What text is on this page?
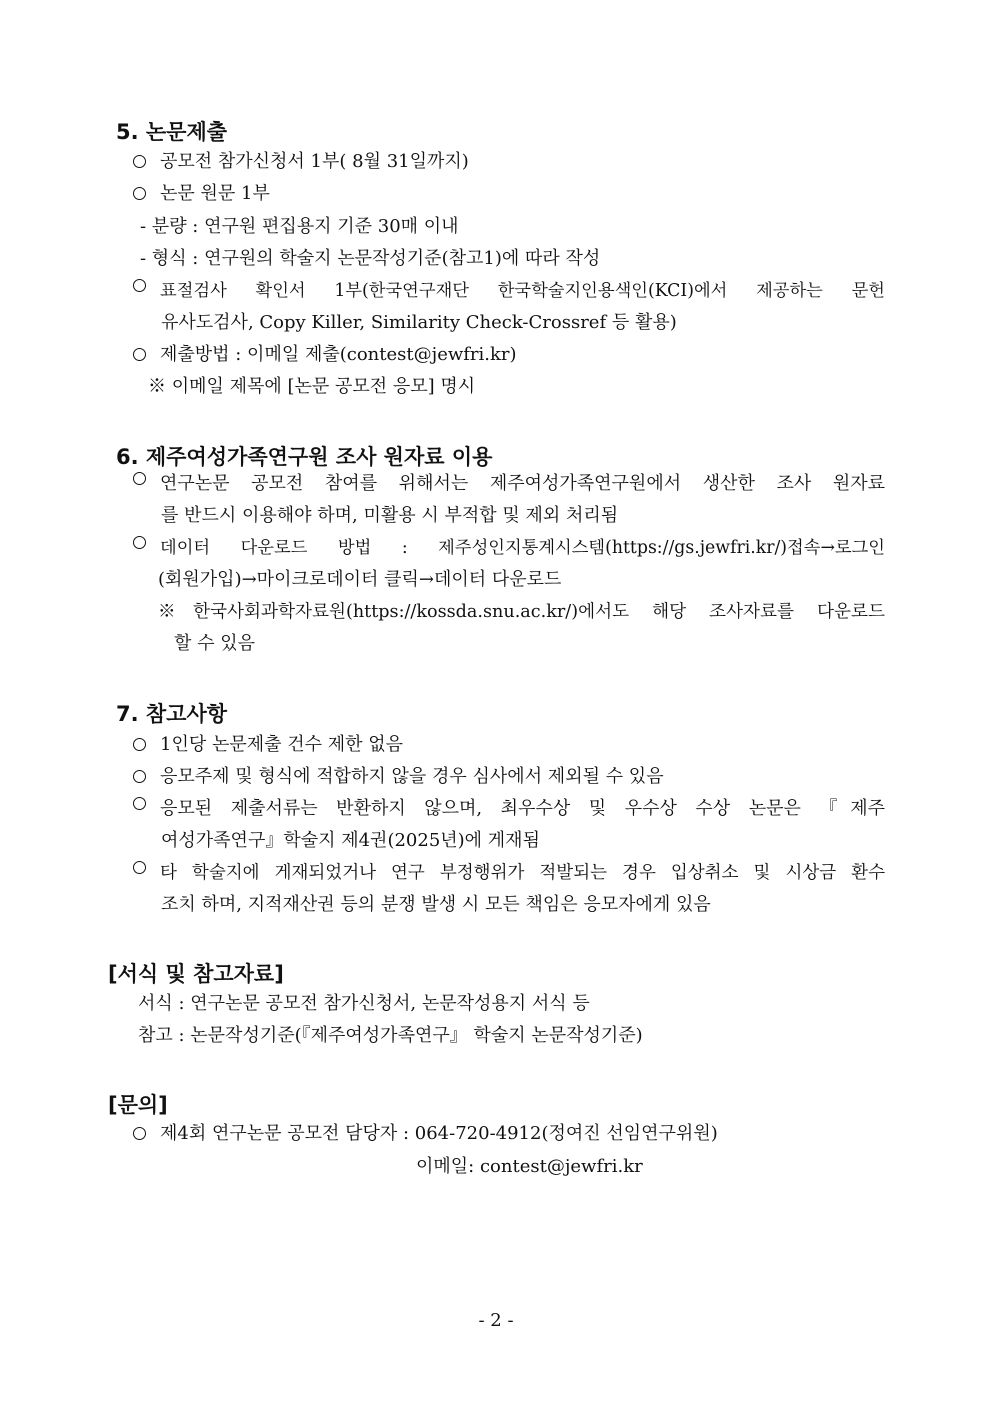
5. 논문제출
공모전 참가신청서 1부( 8월 31일까지)
논문 원문 1부
- 분량 : 연구원 편집용지 기준 30매 이내
- 형식 : 연구원의 학술지 논문작성기준(참고1)에 따라 작성
표절검사 확인서 1부(한국연구재단 한국학술지인용색인(KCI)에서 제공하는 문헌
유사도검사, Copy Killer, Similarity Check-Crossref 등 활용)
제출방법 : 이메일 제출(contest@jewfri.kr)
※ 이메일 제목에 [논문 공모전 응모] 명시
6. 제주여성가족연구원 조사 원자료 이용
연구논문 공모전 참여를 위해서는 제주여성가족연구원에서 생산한 조사 원자료
를 반드시 이용해야 하며, 미활용 시 부적합 및 제외 처리됨
데이터 다운로드 방법 : 제주성인지통계시스템(https://gs.jewfri.kr/)접속→로그인
(회원가입)→마이크로데이터 클릭→데이터 다운로드
※한국사회과학자료원(https://kossda.snu.ac.kr/)에서도 해당 조사자료를 다운로드
할 수 있음
7. 참고사항
1인당 논문제출 건수 제한 없음
응모주제 및 형식에 적합하지 않을 경우 심사에서 제외될 수 있음
응모된 제출서류는 반환하지 않으며, 최우수상 및 우수상 수상 논문은 『제주
여성가족연구』학술지 제4권(2025년)에 게재됨
타 학술지에 게재되었거나 연구 부정행위가 적발되는 경우 입상취소 및 시상금 환수
조치 하며, 지적재산권 등의 분쟁 발생 시 모든 책임은 응모자에게 있음
[서식 및 참고자료]
서식 : 연구논문 공모전 참가신청서, 논문작성용지 서식 등
참고 : 논문작성기준(『제주여성가족연구』 학술지 논문작성기준)
[문의]
제4회 연구논문 공모전 담당자 : 064-720-4912(정여진 선임연구위원)
이메일: contest@jewfri.kr
- 2 -
